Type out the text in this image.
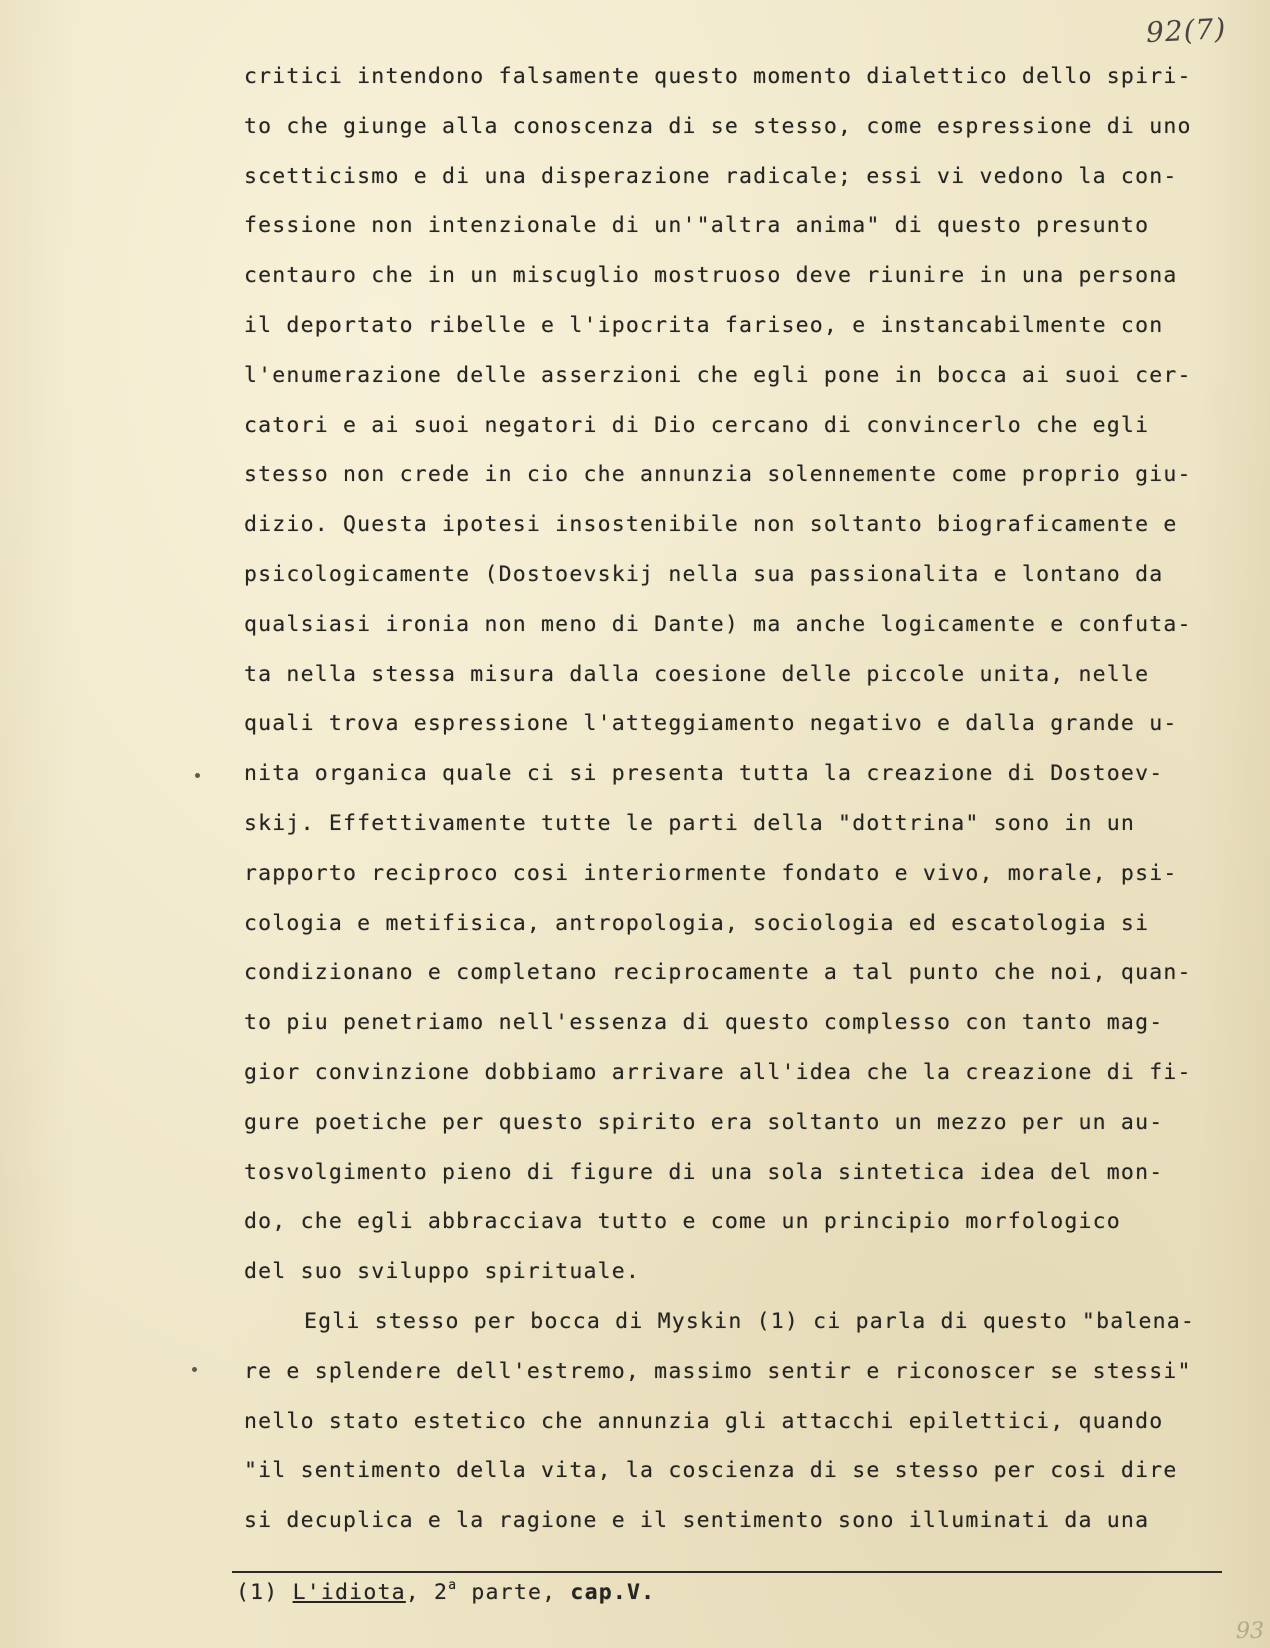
92(7)
critici intendono falsamente questo momento dialettico dello spiri-
to che giunge alla conoscenza di se stesso, come espressione di uno
scetticismo e di una disperazione radicale; essi vi vedono la con-
fessione non intenzionale di un'"altra anima" di questo presunto
centauro che in un miscuglio mostruoso deve riunire in una persona
il deportato ribelle e l'ipocrita fariseo, e instancabilmente con
l'enumerazione delle asserzioni che egli pone in bocca ai suoi cer-
catori e ai suoi negatori di Dio cercano di convincerlo che egli
stesso non crede in cio che annunzia solennemente come proprio giu-
dizio. Questa ipotesi insostenibile non soltanto biograficamente e
psicologicamente (Dostoevskij nella sua passionalita e lontano da
qualsiasi ironia non meno di Dante) ma anche logicamente e confuta-
ta nella stessa misura dalla coesione delle piccole unita, nelle
quali trova espressione l'atteggiamento negativo e dalla grande u-
nita organica quale ci si presenta tutta la creazione di Dostoev-
skij. Effettivamente tutte le parti della "dottrina" sono in un
rapporto reciproco cosi interiormente fondato e vivo, morale, psi-
cologia e metifisica, antropologia, sociologia ed escatologia si
condizionano e completano reciprocamente a tal punto che noi, quan-
to piu penetriamo nell'essenza di questo complesso con tanto mag-
gior convinzione dobbiamo arrivare all'idea che la creazione di fi-
gure poetiche per questo spirito era soltanto un mezzo per un au-
tosvolgimento pieno di figure di una sola sintetica idea del mon-
do, che egli abbracciava tutto e come un principio morfologico
del suo sviluppo spirituale.
Egli stesso per bocca di Myskin (1) ci parla di questo "balena-
re e splendere dell'estremo, massimo sentir e riconoscer se stessi"
nello stato estetico che annunzia gli attacchi epilettici, quando
"il sentimento della vita, la coscienza di se stesso per cosi dire
si decuplica e la ragione e il sentimento sono illuminati da una
(1) L'idiota, 2$^a$ parte, cap.V.
93
